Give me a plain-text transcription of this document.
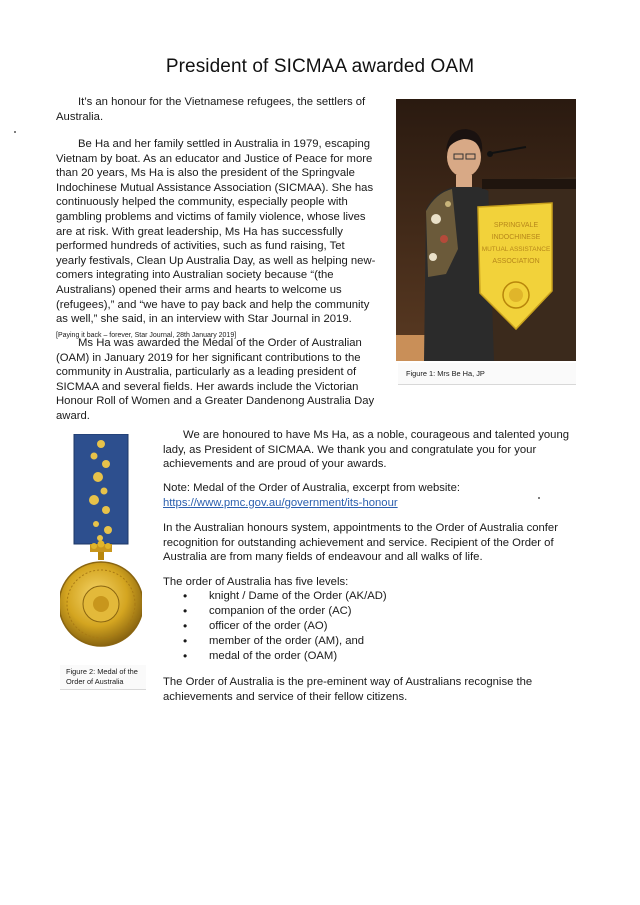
President of SICMAA awarded OAM

It’s an honour for the Vietnamese refugees, the settlers of Australia.

Be Ha and her family settled in Australia in 1979, escaping Vietnam by boat. As an educator and Justice of Peace for more than 20 years, Ms Ha is also the president of the Springvale Indochinese Mutual Assistance Association (SICMAA). She has continuously helped the community, especially people with gambling problems and victims of family violence, whose lives are at risk. With great leadership, Ms Ha has successfully performed hundreds of activities, such as fund raising, Tet yearly festivals, Clean Up Australia Day, as well as helping new-comers integrating into Australian society because “(the Australians) opened their arms and hearts to welcome us (refugees),” and “we have to pay back and help the community as well,” she said, in an interview with Star Journal in 2019. [Paying it back – forever, Star Journal, 28th January 2019]

Ms Ha was awarded the Medal of the Order of Australian (OAM) in January 2019 for her significant contributions to the community in Australia, particularly as a leading president of SICMAA and several fields. Her awards include the Victorian Honour Roll of Women and a Greater Dandenong Australia Day award.

SPRINGVALE
INDOCHINESE
MUTUAL ASSISTANCE
ASSOCIATION
Figure 1: Mrs Be Ha, JP
Figure 2: Medal of the Order of Australia

We are honoured to have Ms Ha, as a noble, courageous and talented young lady, as President of SICMAA. We thank you and congratulate you for your achievements and are proud of your awards.

Note: Medal of the Order of Australia, excerpt from website:
https://www.pmc.gov.au/government/its-honour

In the Australian honours system, appointments to the Order of Australia confer recognition for outstanding achievement and service. Recipient of the Order of Australia are from many fields of endeavour and all walks of life.

The order of Australia has five levels:

• knight / Dame of the Order (AK/AD)
• companion of the order (AC)
• officer of the order (AO)
• member of the order (AM), and
• medal of the order (OAM)

The Order of Australia is the pre-eminent way of Australians recognise the achievements and service of their fellow citizens.
